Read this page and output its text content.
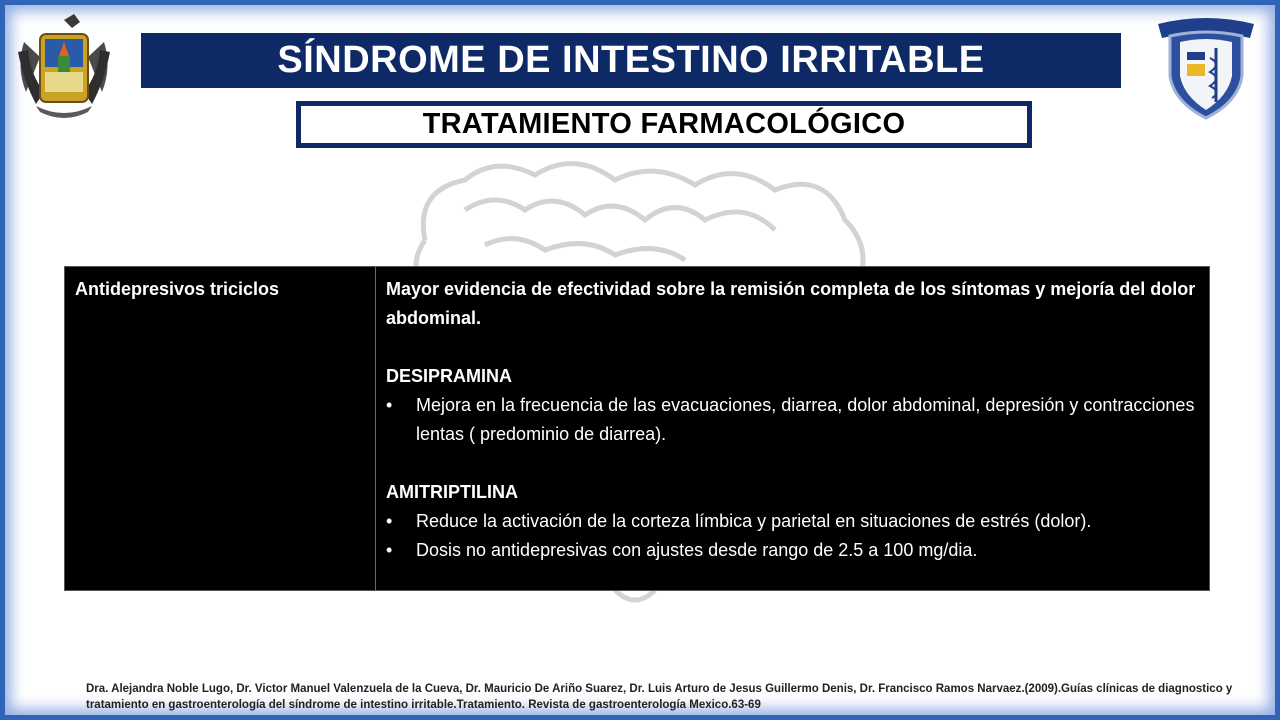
SÍNDROME DE INTESTINO IRRITABLE
TRATAMIENTO FARMACOLÓGICO
Antidepresivos triciclos	Mayor evidencia de efectividad sobre la remisión completa de los síntomas y mejoría del dolor abdominal.
DESIPRAMINA
•	Mejora en la frecuencia de las evacuaciones, diarrea, dolor abdominal, depresión y contracciones lentas ( predominio de diarrea).
AMITRIPTILINA
•	Reduce la activación de la corteza límbica y parietal en situaciones de estrés (dolor).
•	Dosis no antidepresivas con ajustes desde rango de 2.5 a 100 mg/dia.
Dra. Alejandra Noble Lugo, Dr. Victor Manuel Valenzuela de la Cueva, Dr. Mauricio De Ariño Suarez, Dr. Luis Arturo de Jesus Guillermo Denis, Dr. Francisco Ramos Narvaez.(2009).Guías clínicas de diagnostico y tratamiento en gastroenterología del síndrome de intestino irritable.Tratamiento. Revista de gastroenterología Mexico.63-69
